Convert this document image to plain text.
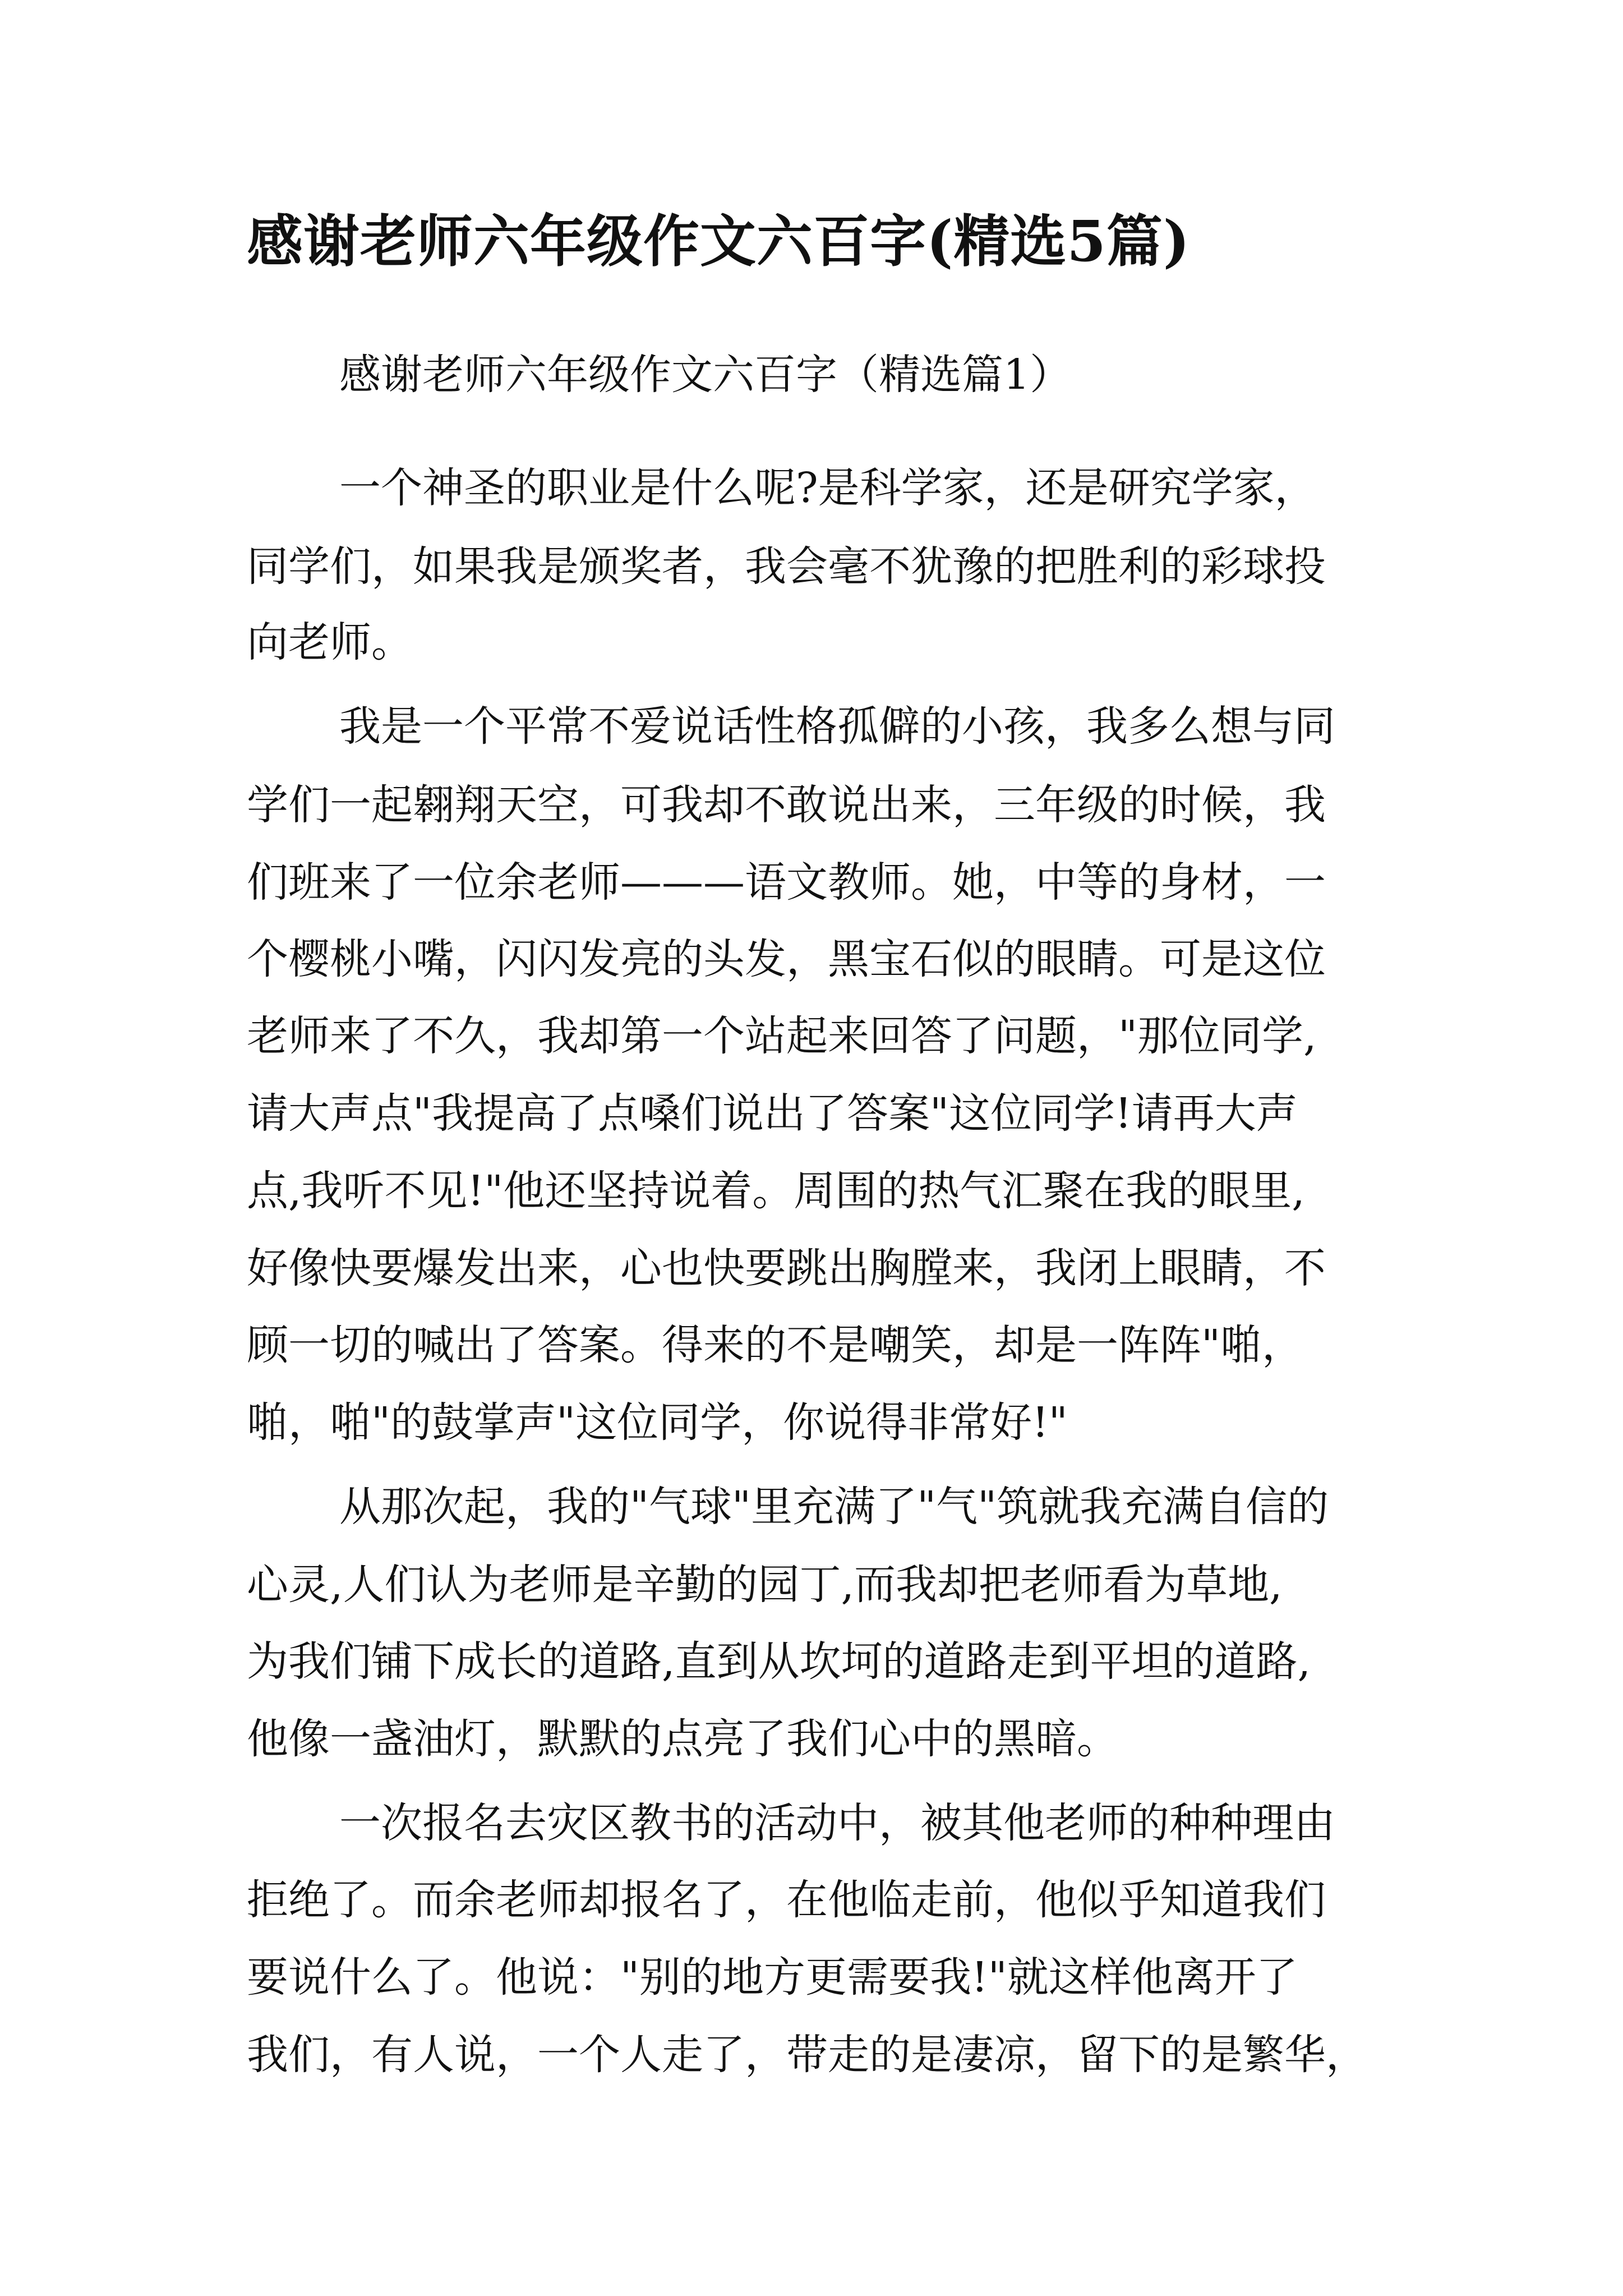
感谢老师六年级作文六百字(精选5篇)
感谢老师六年级作文六百字（精选篇1）
一个神圣的职业是什么呢?是科学家，还是研究学家，
同学们，如果我是颁奖者，我会毫不犹豫的把胜利的彩球投
向老师。
我是一个平常不爱说话性格孤僻的小孩，我多么想与同
学们一起翱翔天空，可我却不敢说出来，三年级的时候，我
们班来了一位余老师———语文教师。她，中等的身材，一
个樱桃小嘴，闪闪发亮的头发，黑宝石似的眼睛。可是这位
老师来了不久，我却第一个站起来回答了问题，"那位同学,
请大声点"我提高了点嗓们说出了答案"这位同学!请再大声
点,我听不见!"他还坚持说着。周围的热气汇聚在我的眼里,
好像快要爆发出来，心也快要跳出胸膛来，我闭上眼睛，不
顾一切的喊出了答案。得来的不是嘲笑，却是一阵阵"啪，
啪，啪"的鼓掌声"这位同学，你说得非常好!"
从那次起，我的"气球"里充满了"气"筑就我充满自信的
心灵,人们认为老师是辛勤的园丁,而我却把老师看为草地,
为我们铺下成长的道路,直到从坎坷的道路走到平坦的道路,
他像一盏油灯，默默的点亮了我们心中的黑暗。
一次报名去灾区教书的活动中，被其他老师的种种理由
拒绝了。而余老师却报名了，在他临走前，他似乎知道我们
要说什么了。他说："别的地方更需要我!"就这样他离开了
我们，有人说，一个人走了，带走的是凄凉，留下的是繁华，
